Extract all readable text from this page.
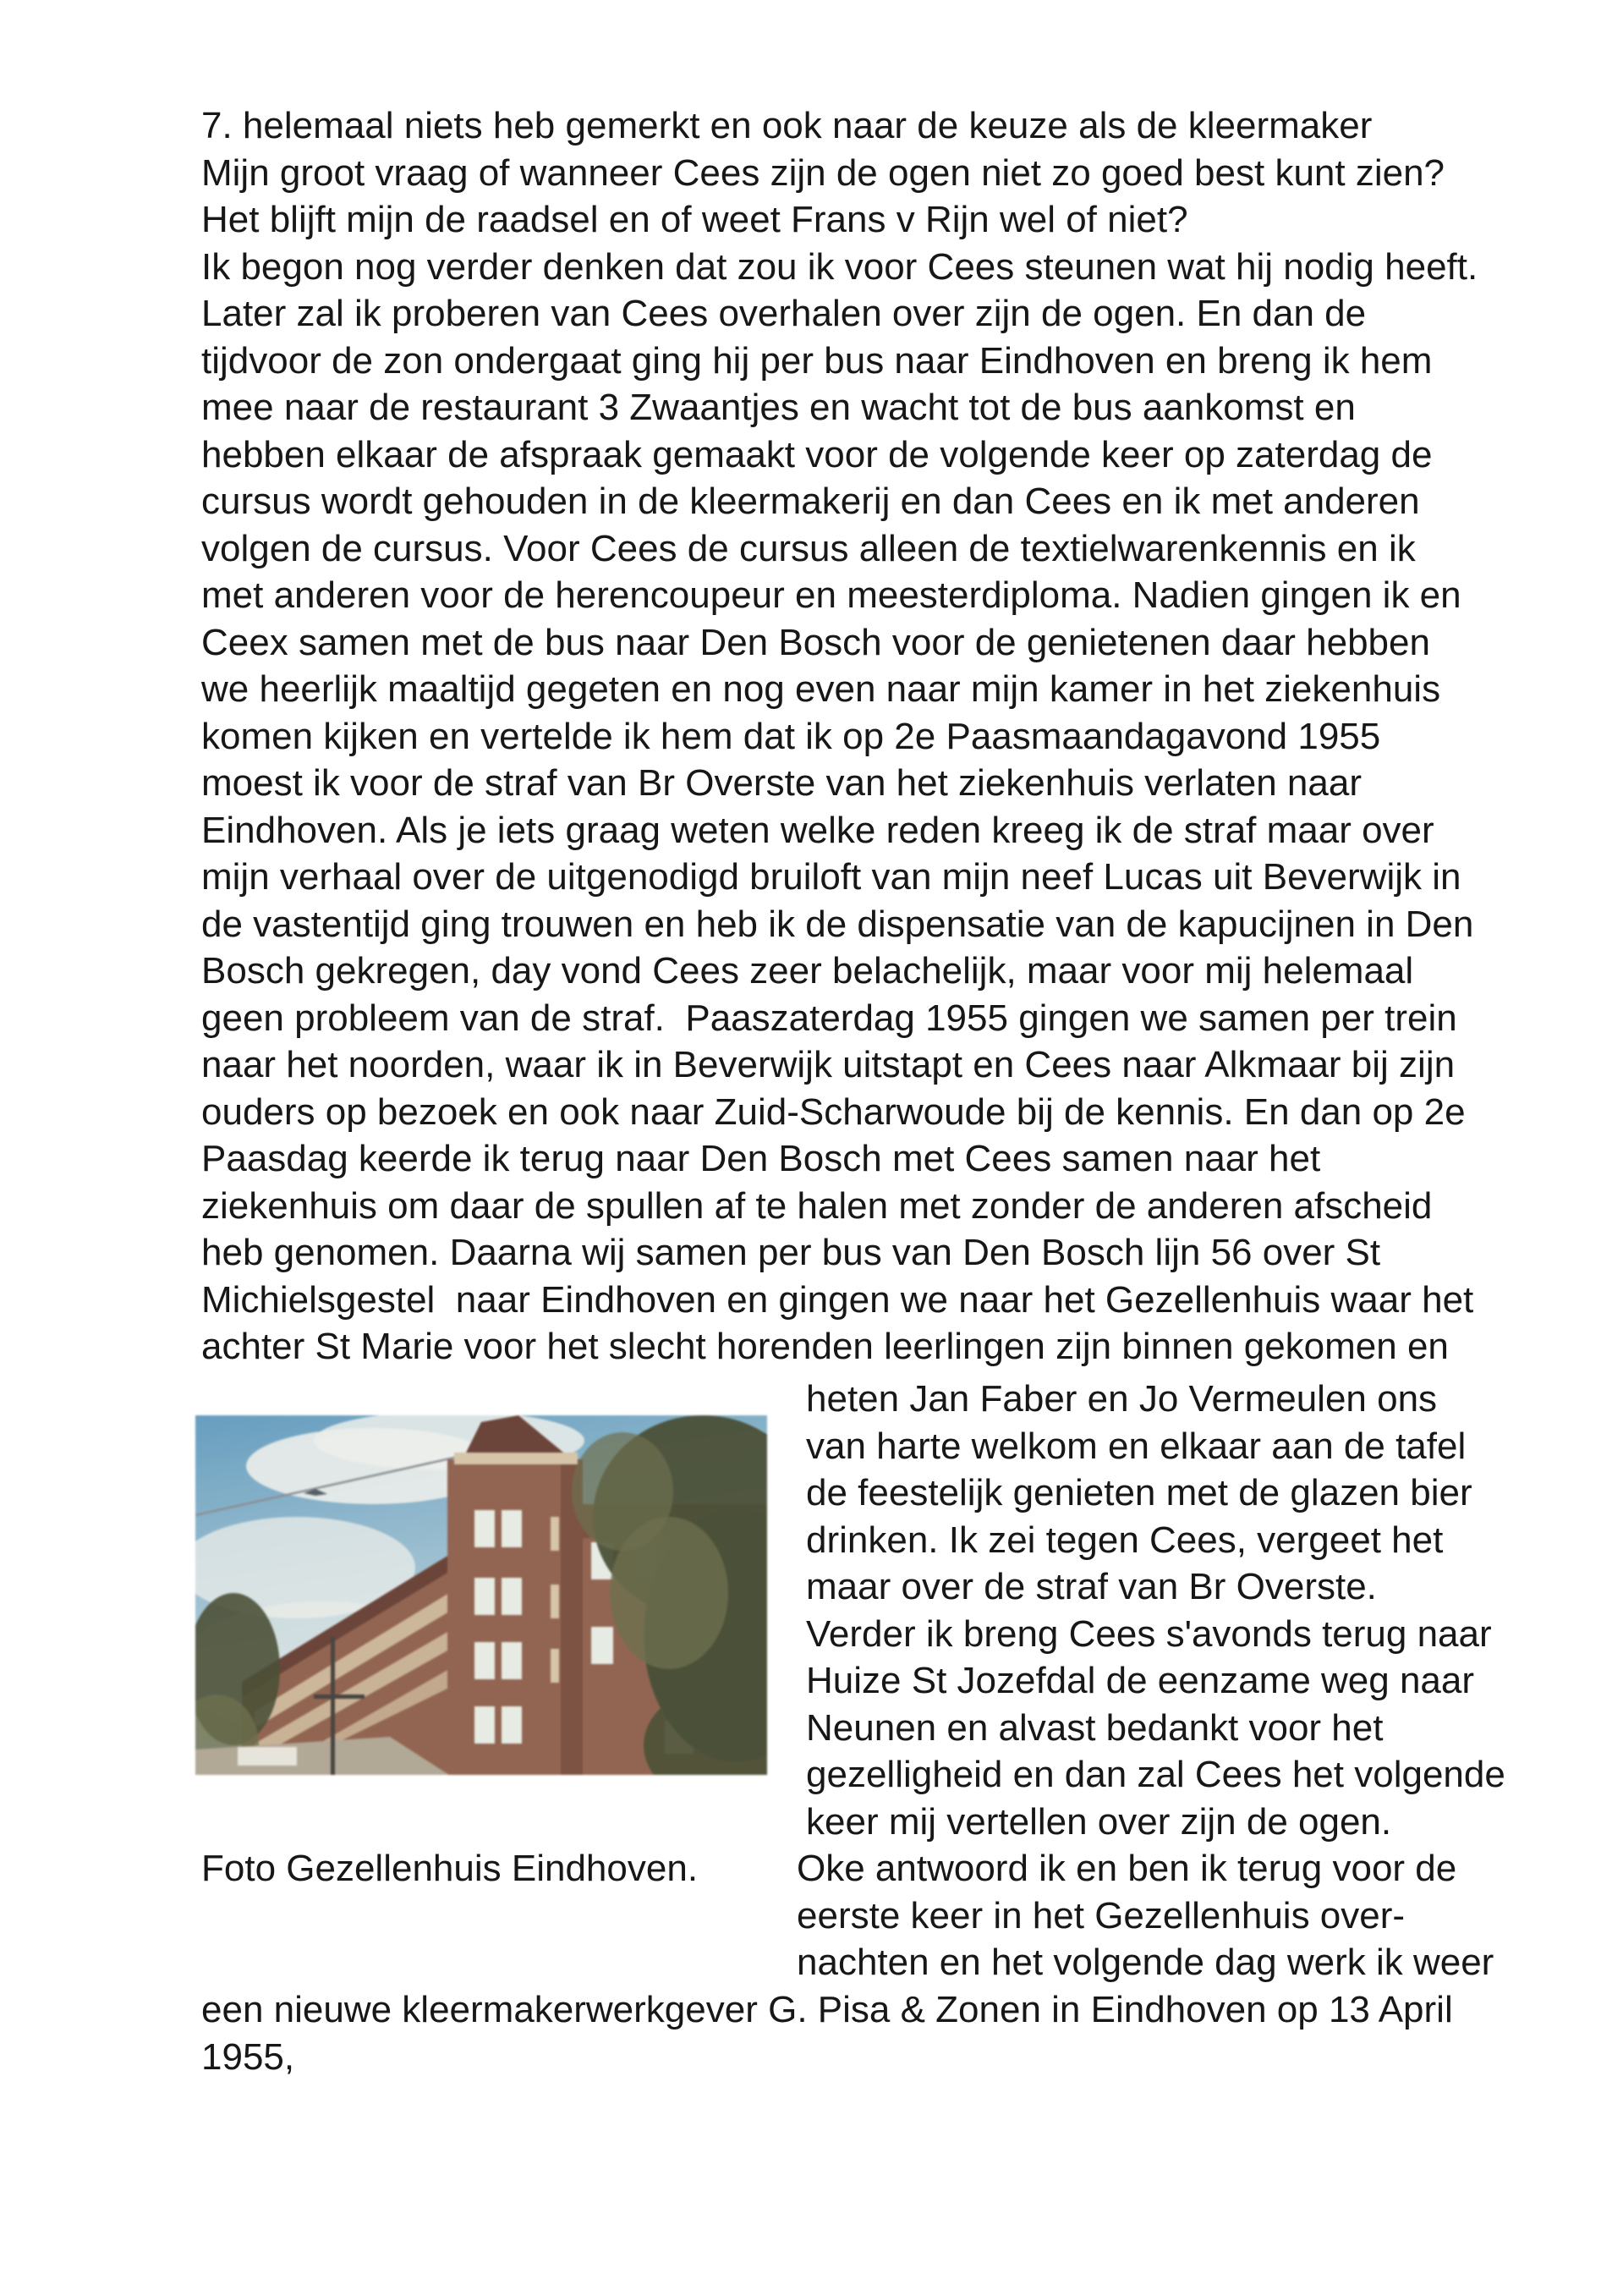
7. helemaal niets heb gemerkt en ook naar de keuze als de kleermaker
Mijn groot vraag of wanneer Cees zijn de ogen niet zo goed best kunt zien?
Het blijft mijn de raadsel en of weet Frans v Rijn wel of niet?
Ik begon nog verder denken dat zou ik voor Cees steunen wat hij nodig heeft.
Later zal ik proberen van Cees overhalen over zijn de ogen. En dan de
tijdvoor de zon ondergaat ging hij per bus naar Eindhoven en breng ik hem
mee naar de restaurant 3 Zwaantjes en wacht tot de bus aankomst en
hebben elkaar de afspraak gemaakt voor de volgende keer op zaterdag de
cursus wordt gehouden in de kleermakerij en dan Cees en ik met anderen
volgen de cursus. Voor Cees de cursus alleen de textielwarenkennis en ik
met anderen voor de herencoupeur en meesterdiploma. Nadien gingen ik en
Ceex samen met de bus naar Den Bosch voor de genietenen daar hebben
we heerlijk maaltijd gegeten en nog even naar mijn kamer in het ziekenhuis
komen kijken en vertelde ik hem dat ik op 2e Paasmaandagavond 1955
moest ik voor de straf van Br Overste van het ziekenhuis verlaten naar
Eindhoven. Als je iets graag weten welke reden kreeg ik de straf maar over
mijn verhaal over de uitgenodigd bruiloft van mijn neef Lucas uit Beverwijk in
de vastentijd ging trouwen en heb ik de dispensatie van de kapucijnen in Den
Bosch gekregen, day vond Cees zeer belachelijk, maar voor mij helemaal
geen probleem van de straf.  Paaszaterdag 1955 gingen we samen per trein
naar het noorden, waar ik in Beverwijk uitstapt en Cees naar Alkmaar bij zijn
ouders op bezoek en ook naar Zuid-Scharwoude bij de kennis. En dan op 2e
Paasdag keerde ik terug naar Den Bosch met Cees samen naar het
ziekenhuis om daar de spullen af te halen met zonder de anderen afscheid
heb genomen. Daarna wij samen per bus van Den Bosch lijn 56 over St
Michielsgestel  naar Eindhoven en gingen we naar het Gezellenhuis waar het
achter St Marie voor het slecht horenden leerlingen zijn binnen gekomen en
heten Jan Faber en Jo Vermeulen ons
van harte welkom en elkaar aan de tafel
de feestelijk genieten met de glazen bier
drinken. Ik zei tegen Cees, vergeet het
maar over de straf van Br Overste.
Verder ik breng Cees s'avonds terug naar
Huize St Jozefdal de eenzame weg naar
Neunen en alvast bedankt voor het
gezelligheid en dan zal Cees het volgende
keer mij vertellen over zijn de ogen.
Oke antwoord ik en ben ik terug voor de
eerste keer in het Gezellenhuis over-
nachten en het volgende dag werk ik weer
Foto Gezellenhuis Eindhoven.
een nieuwe kleermakerwerkgever G. Pisa & Zonen in Eindhoven op 13 April
1955,
